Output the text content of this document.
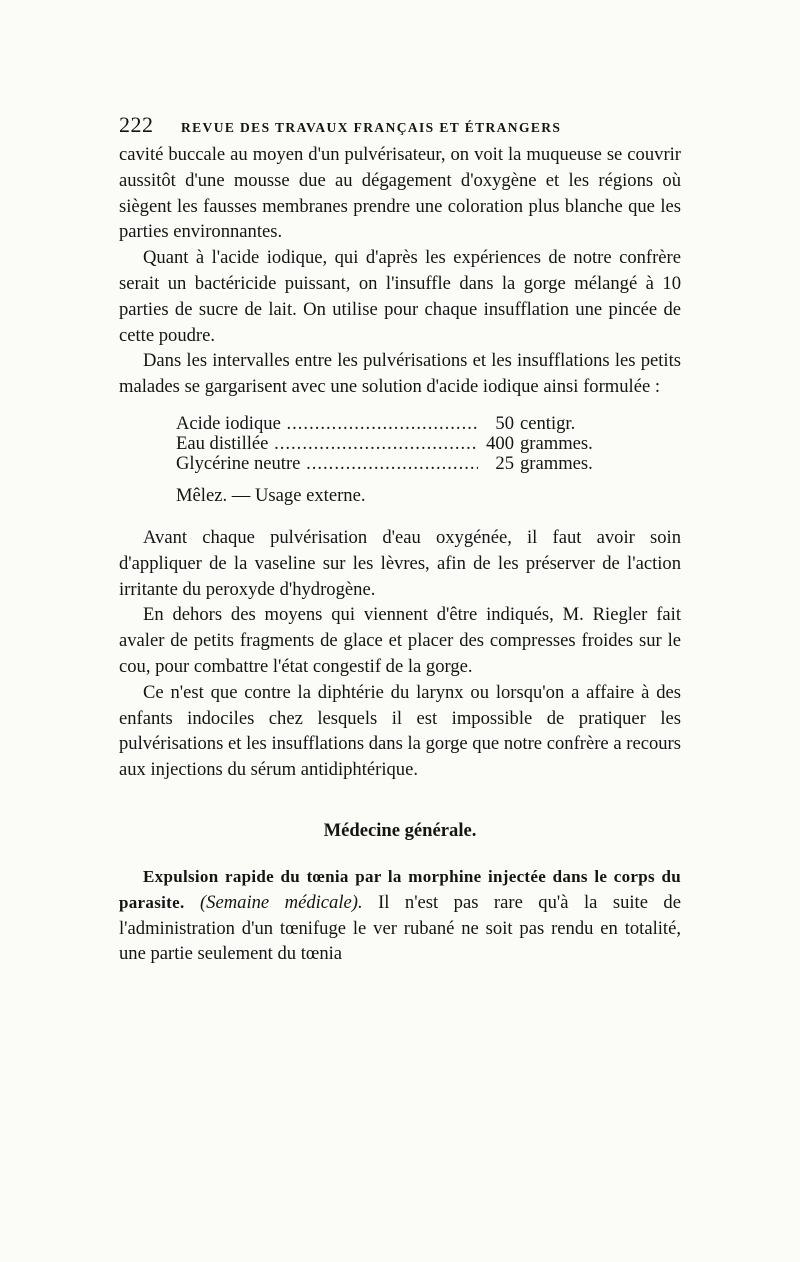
222	REVUE DES TRAVAUX FRANÇAIS ET ÉTRANGERS

cavité buccale au moyen d'un pulvérisateur, on voit la muqueuse se couvrir aussitôt d'une mousse due au dégagement d'oxygène et les régions où siègent les fausses membranes prendre une coloration plus blanche que les parties environnantes.

Quant à l'acide iodique, qui d'après les expériences de notre confrère serait un bactéricide puissant, on l'insuffle dans la gorge mélangé à 10 parties de sucre de lait. On utilise pour chaque insufflation une pincée de cette poudre.

Dans les intervalles entre les pulvérisations et les insufflations les petits malades se gargarisent avec une solution d'acide iodique ainsi formulée :

Acide iodique .....	50 centigr.
Eau distillée .....	400 grammes.
Glycérine neutre .....	25 grammes.
Mêlez. — Usage externe.

Avant chaque pulvérisation d'eau oxygénée, il faut avoir soin d'appliquer de la vaseline sur les lèvres, afin de les préserver de l'action irritante du peroxyde d'hydrogène.

En dehors des moyens qui viennent d'être indiqués, M. Riegler fait avaler de petits fragments de glace et placer des compresses froides sur le cou, pour combattre l'état congestif de la gorge.

Ce n'est que contre la diphtérie du larynx ou lorsqu'on a affaire à des enfants indociles chez lesquels il est impossible de pratiquer les pulvérisations et les insufflations dans la gorge que notre confrère a recours aux injections du sérum antidiphtérique.

Médecine générale.

Expulsion rapide du tœnia par la morphine injectée dans le corps du parasite. (Semaine médicale). Il n'est pas rare qu'à la suite de l'administration d'un tœnifuge le ver rubané ne soit pas rendu en totalité, une partie seulement du tœnia
